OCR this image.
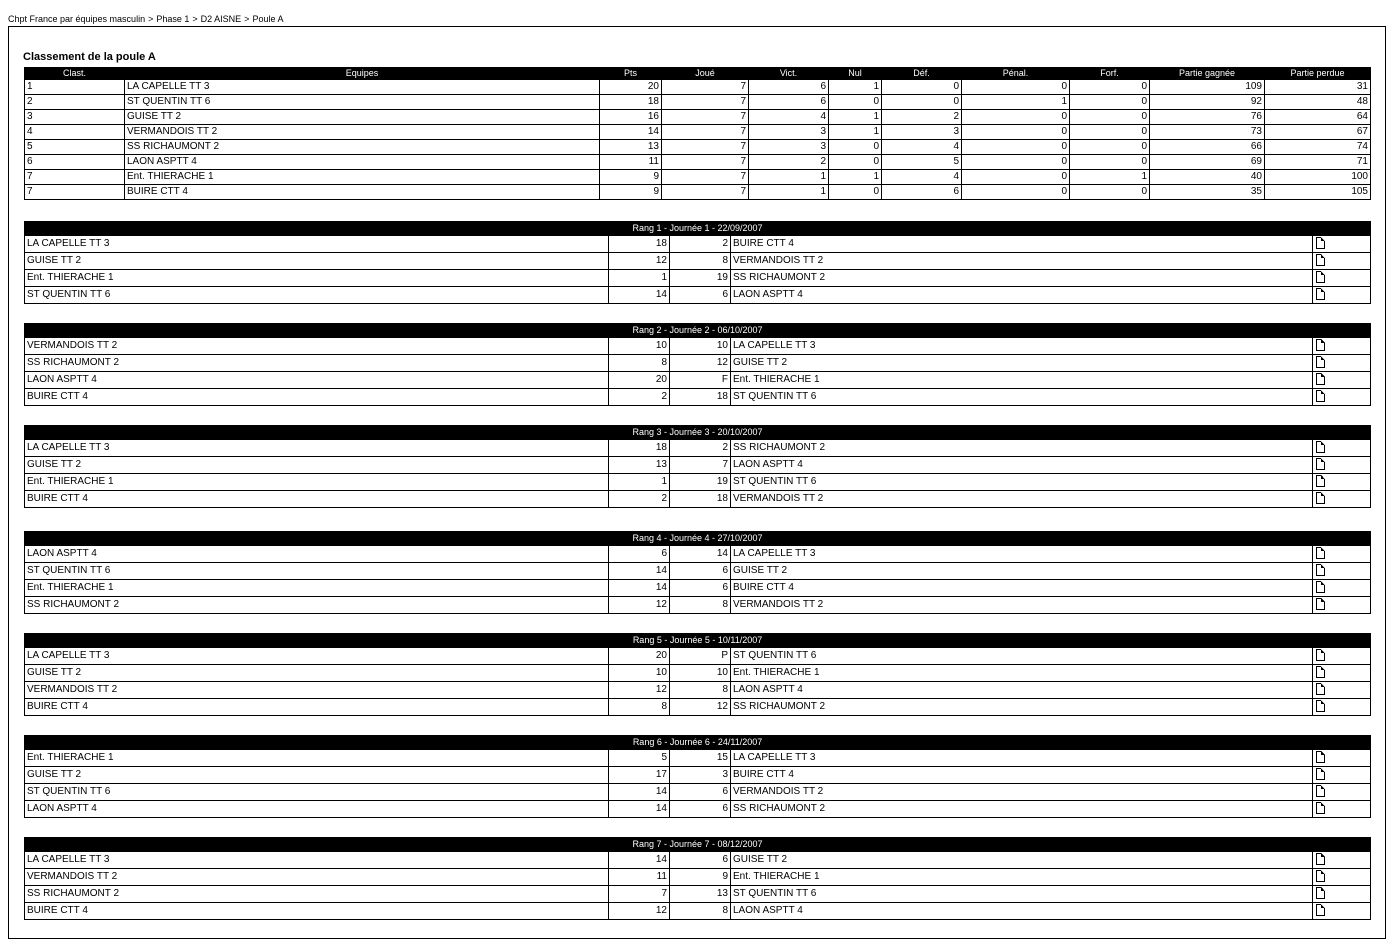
Chpt France par équipes masculin > Phase 1 > D2 AISNE > Poule A
Classement de la poule A
Clast.	Equipes	Pts	Joué	Vict.	Nul	Déf.	Pénal.	Forf.	Partie gagnée	Partie perdue
1	LA CAPELLE TT 3	20	7	6	1	0	0	0	109	31
2	ST QUENTIN TT 6	18	7	6	0	0	1	0	92	48
3	GUISE TT 2	16	7	4	1	2	0	0	76	64
4	VERMANDOIS TT 2	14	7	3	1	3	0	0	73	67
5	SS RICHAUMONT 2	13	7	3	0	4	0	0	66	74
6	LAON ASPTT 4	11	7	2	0	5	0	0	69	71
7	Ent. THIERACHE 1	9	7	1	1	4	0	1	40	100
7	BUIRE CTT 4	9	7	1	0	6	0	0	35	105
Rang 1 - Journée 1 - 22/09/2007				
LA CAPELLE TT 3	18	2	BUIRE CTT 4	
GUISE TT 2	12	8	VERMANDOIS TT 2	
Ent. THIERACHE 1	1	19	SS RICHAUMONT 2	
ST QUENTIN TT 6	14	6	LAON ASPTT 4	
Rang 2 - Journée 2 - 06/10/2007				
VERMANDOIS TT 2	10	10	LA CAPELLE TT 3	
SS RICHAUMONT 2	8	12	GUISE TT 2	
LAON ASPTT 4	20	F	Ent. THIERACHE 1	
BUIRE CTT 4	2	18	ST QUENTIN TT 6	
Rang 3 - Journée 3 - 20/10/2007				
LA CAPELLE TT 3	18	2	SS RICHAUMONT 2	
GUISE TT 2	13	7	LAON ASPTT 4	
Ent. THIERACHE 1	1	19	ST QUENTIN TT 6	
BUIRE CTT 4	2	18	VERMANDOIS TT 2	
Rang 4 - Journée 4 - 27/10/2007				
LAON ASPTT 4	6	14	LA CAPELLE TT 3	
ST QUENTIN TT 6	14	6	GUISE TT 2	
Ent. THIERACHE 1	14	6	BUIRE CTT 4	
SS RICHAUMONT 2	12	8	VERMANDOIS TT 2	
Rang 5 - Journée 5 - 10/11/2007				
LA CAPELLE TT 3	20	P	ST QUENTIN TT 6	
GUISE TT 2	10	10	Ent. THIERACHE 1	
VERMANDOIS TT 2	12	8	LAON ASPTT 4	
BUIRE CTT 4	8	12	SS RICHAUMONT 2	
Rang 6 - Journée 6 - 24/11/2007				
Ent. THIERACHE 1	5	15	LA CAPELLE TT 3	
GUISE TT 2	17	3	BUIRE CTT 4	
ST QUENTIN TT 6	14	6	VERMANDOIS TT 2	
LAON ASPTT 4	14	6	SS RICHAUMONT 2	
Rang 7 - Journée 7 - 08/12/2007				
LA CAPELLE TT 3	14	6	GUISE TT 2	
VERMANDOIS TT 2	11	9	Ent. THIERACHE 1	
SS RICHAUMONT 2	7	13	ST QUENTIN TT 6	
BUIRE CTT 4	12	8	LAON ASPTT 4	
